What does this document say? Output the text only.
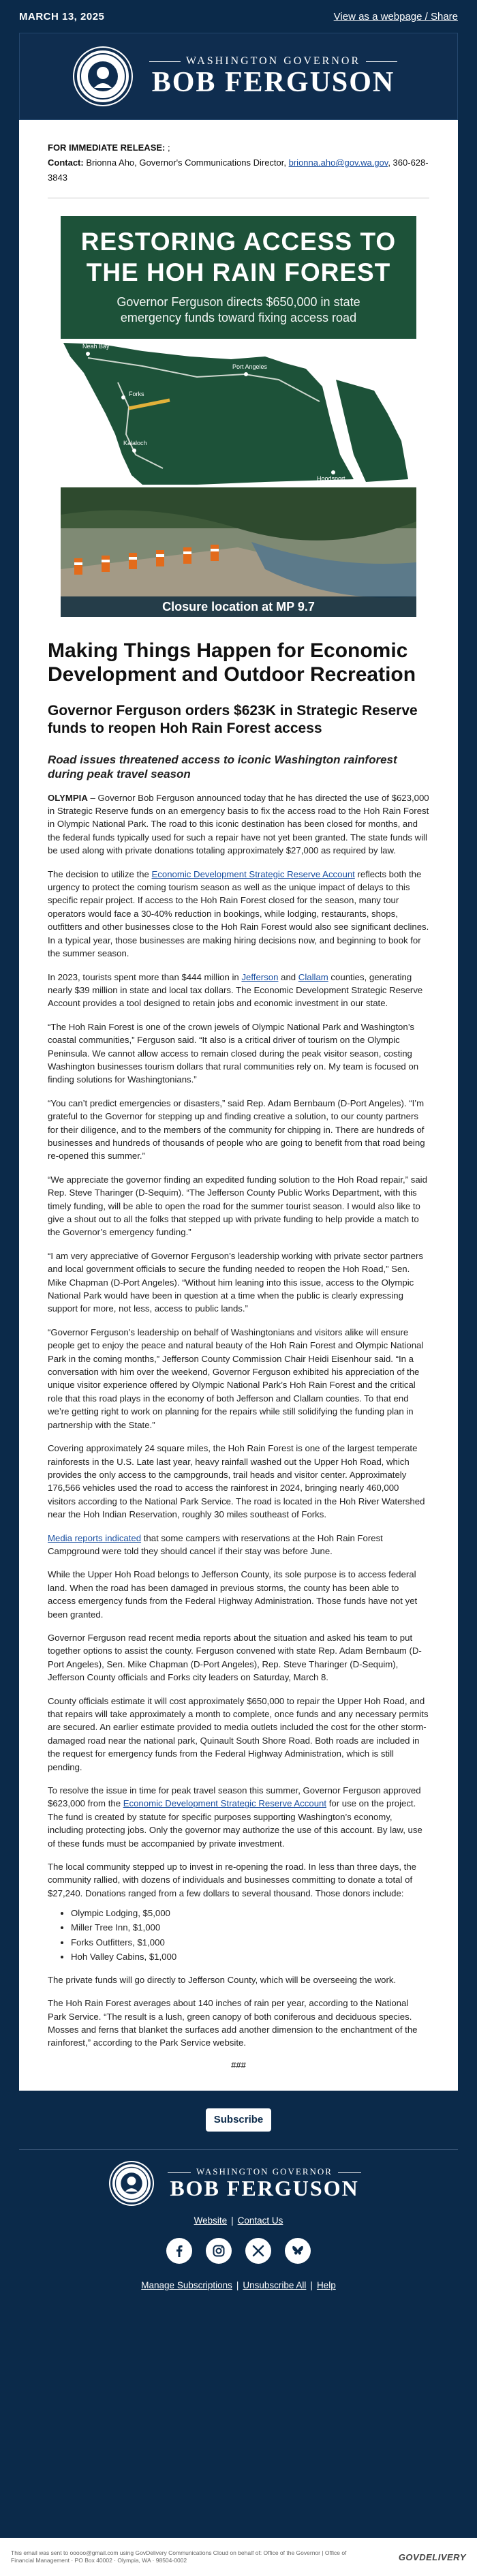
MARCH 13, 2025	View as a webpage / Share
WASHINGTON GOVERNOR
BOB FERGUSON
FOR IMMEDIATE RELEASE: ;
Contact: Brionna Aho, Governor's Communications Director, brionna.aho@gov.wa.gov, 360-628-3843
RESTORING ACCESS TO
THE HOH RAIN FOREST
Governor Ferguson directs $650,000 in state
emergency funds toward fixing access road
Neah Bay
Port Angeles
Forks
Kalaloch
Hoodsport
Closure location at MP 9.7
Making Things Happen for Economic Development and Outdoor Recreation
Governor Ferguson orders $623K in Strategic Reserve funds to reopen Hoh Rain Forest access
Road issues threatened access to iconic Washington rainforest during peak travel season

OLYMPIA – Governor Bob Ferguson announced today that he has directed the use of $623,000 in Strategic Reserve funds on an emergency basis to fix the access road to the Hoh Rain Forest in Olympic National Park. The road to this iconic destination has been closed for months, and the federal funds typically used for such a repair have not yet been granted. The state funds will be used along with private donations totaling approximately $27,000 as required by law.

The decision to utilize the Economic Development Strategic Reserve Account reflects both the urgency to protect the coming tourism season as well as the unique impact of delays to this specific repair project. If access to the Hoh Rain Forest closed for the season, many tour operators would face a 30-40% reduction in bookings, while lodging, restaurants, shops, outfitters and other businesses close to the Hoh Rain Forest would also see significant declines. In a typical year, those businesses are making hiring decisions now, and beginning to book for the summer season.

In 2023, tourists spent more than $444 million in Jefferson and Clallam counties, generating nearly $39 million in state and local tax dollars. The Economic Development Strategic Reserve Account provides a tool designed to retain jobs and economic investment in our state.

“The Hoh Rain Forest is one of the crown jewels of Olympic National Park and Washington’s coastal communities,” Ferguson said. “It also is a critical driver of tourism on the Olympic Peninsula. We cannot allow access to remain closed during the peak visitor season, costing Washington businesses tourism dollars that rural communities rely on. My team is focused on finding solutions for Washingtonians.”

“You can’t predict emergencies or disasters,” said Rep. Adam Bernbaum (D-Port Angeles). “I’m grateful to the Governor for stepping up and finding creative a solution, to our county partners for their diligence, and to the members of the community for chipping in. There are hundreds of businesses and hundreds of thousands of people who are going to benefit from that road being re-opened this summer.”

“We appreciate the governor finding an expedited funding solution to the Hoh Road repair,” said Rep. Steve Tharinger (D-Sequim). “The Jefferson County Public Works Department, with this timely funding, will be able to open the road for the summer tourist season. I would also like to give a shout out to all the folks that stepped up with private funding to help provide a match to the Governor’s emergency funding.”

“I am very appreciative of Governor Ferguson’s leadership working with private sector partners and local government officials to secure the funding needed to reopen the Hoh Road,” Sen. Mike Chapman (D-Port Angeles). “Without him leaning into this issue, access to the Olympic National Park would have been in question at a time when the public is clearly expressing support for more, not less, access to public lands.”

“Governor Ferguson’s leadership on behalf of Washingtonians and visitors alike will ensure people get to enjoy the peace and natural beauty of the Hoh Rain Forest and Olympic National Park in the coming months,” Jefferson County Commission Chair Heidi Eisenhour said. “In a conversation with him over the weekend, Governor Ferguson exhibited his appreciation of the unique visitor experience offered by Olympic National Park’s Hoh Rain Forest and the critical role that this road plays in the economy of both Jefferson and Clallam counties. To that end we’re getting right to work on planning for the repairs while still solidifying the funding plan in partnership with the State.”

Covering approximately 24 square miles, the Hoh Rain Forest is one of the largest temperate rainforests in the U.S. Late last year, heavy rainfall washed out the Upper Hoh Road, which provides the only access to the campgrounds, trail heads and visitor center. Approximately 176,566 vehicles used the road to access the rainforest in 2024, bringing nearly 460,000 visitors according to the National Park Service. The road is located in the Hoh River Watershed near the Hoh Indian Reservation, roughly 30 miles southeast of Forks.

Media reports indicated that some campers with reservations at the Hoh Rain Forest Campground were told they should cancel if their stay was before June.

While the Upper Hoh Road belongs to Jefferson County, its sole purpose is to access federal land. When the road has been damaged in previous storms, the county has been able to access emergency funds from the Federal Highway Administration. Those funds have not yet been granted.

Governor Ferguson read recent media reports about the situation and asked his team to put together options to assist the county. Ferguson convened with state Rep. Adam Bernbaum (D-Port Angeles), Sen. Mike Chapman (D-Port Angeles), Rep. Steve Tharinger (D-Sequim), Jefferson County officials and Forks city leaders on Saturday, March 8.

County officials estimate it will cost approximately $650,000 to repair the Upper Hoh Road, and that repairs will take approximately a month to complete, once funds and any necessary permits are secured. An earlier estimate provided to media outlets included the cost for the other storm-damaged road near the national park, Quinault South Shore Road. Both roads are included in the request for emergency funds from the Federal Highway Administration, which is still pending.

To resolve the issue in time for peak travel season this summer, Governor Ferguson approved $623,000 from the Economic Development Strategic Reserve Account for use on the project. The fund is created by statute for specific purposes supporting Washington’s economy, including protecting jobs. Only the governor may authorize the use of this account. By law, use of these funds must be accompanied by private investment.

The local community stepped up to invest in re-opening the road. In less than three days, the community rallied, with dozens of individuals and businesses committing to donate a total of $27,240. Donations ranged from a few dollars to several thousand. Those donors include:

• Olympic Lodging, $5,000
• Miller Tree Inn, $1,000
• Forks Outfitters, $1,000
• Hoh Valley Cabins, $1,000

The private funds will go directly to Jefferson County, which will be overseeing the work.

The Hoh Rain Forest averages about 140 inches of rain per year, according to the National Park Service. “The result is a lush, green canopy of both coniferous and deciduous species. Mosses and ferns that blanket the surfaces add another dimension to the enchantment of the rainforest,” according to the Park Service website.

###
Subscribe
WASHINGTON GOVERNOR
BOB FERGUSON
Website | Contact Us
Manage Subscriptions | Unsubscribe All | Help
This email was sent to ooooo@gmail.com using GovDelivery Communications Cloud on behalf of: Office of the Governor | Office of Financial Management · PO Box 40002 · Olympia, WA · 98504-0002	GOVDELIVERY
